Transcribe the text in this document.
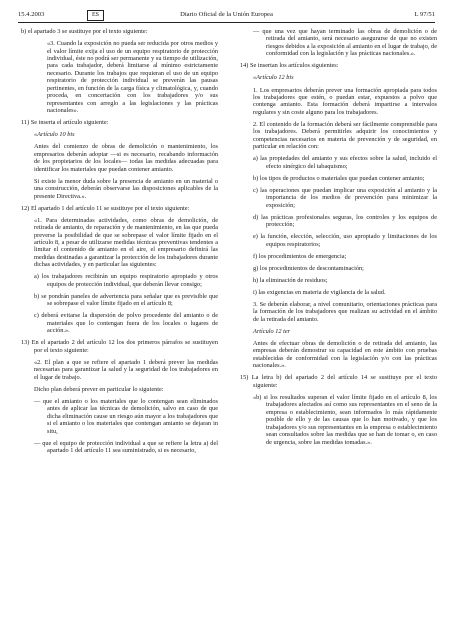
15.4.2003	ES	Diario Oficial de la Unión Europea	L 97/51

b) el apartado 3 se sustituye por el texto siguiente:

«3. Cuando la exposición no pueda ser reducida por otros medios y el valor límite exija el uso de un equipo respiratorio de protección individual, éste no podrá ser permanente y su tiempo de utilización, para cada trabajador, deberá limitarse al mínimo estrictamente necesario. Durante los trabajos que requieran el uso de un equipo respiratorio de protección individual se preverán las pausas pertinentes, en función de la carga física y climatológica, y, cuando proceda, en concertación con los trabajadores y/o sus representantes con arreglo a las legislaciones y las prácticas nacionales».

11) Se inserta el artículo siguiente:

«Artículo 10 bis

Antes del comienzo de obras de demolición o mantenimiento, los empresarios deberán adoptar —si es necesario, recabando información de los propietarios de los locales— todas las medidas adecuadas para identificar los materiales que puedan contener amianto.

Si existe la menor duda sobre la presencia de amianto en un material o una construcción, deberán observarse las disposiciones aplicables de la presente Directiva.».

12) El apartado 1 del artículo 11 se sustituye por el texto siguiente:

«1. Para determinadas actividades, como obras de demolición, de retirada de amianto, de reparación y de mantenimiento, en las que pueda preverse la posibilidad de que se sobrepase el valor límite fijado en el artículo 8, a pesar de utilizarse medidas técnicas preventivas tendentes a limitar el contenido de amianto en el aire, el empresario definirá las medidas destinadas a garantizar la protección de los trabajadores durante dichas actividades, y en particular las siguientes:

a) los trabajadores recibirán un equipo respiratorio apropiado y otros equipos de protección individual, que deberán llevar consigo;

b) se pondrán paneles de advertencia para señalar que es previsible que se sobrepase el valor límite fijado en el artículo 8;

c) deberá evitarse la dispersión de polvo procedente del amianto o de materiales que lo contengan fuera de los locales o lugares de acción.».

13) En el apartado 2 del artículo 12 los dos primeros párrafos se sustituyen por el texto siguiente:

«2. El plan a que se refiere el apartado 1 deberá prever las medidas necesarias para garantizar la salud y la seguridad de los trabajadores en el lugar de trabajo.

Dicho plan deberá prever en particular lo siguiente:

— que el amianto o los materiales que lo contengan sean eliminados antes de aplicar las técnicas de demolición, salvo en caso de que dicha eliminación cause un riesgo aún mayor a los trabajadores que si el amianto o los materiales que contengan amianto se dejaran in situ,

— que el equipo de protección individual a que se refiere la letra a) del apartado 1 del artículo 11 sea suministrado, si es necesario,

— que una vez que hayan terminado las obras de demolición o de retirada del amianto, será necesario asegurarse de que no existen riesgos debidos a la exposición al amianto en el lugar de trabajo, de conformidad con la legislación y las prácticas nacionales.».

14) Se insertan los artículos siguientes:

«Artículo 12 bis

1. Los empresarios deberán prever una formación apropiada para todos los trabajadores que estén, o puedan estar, expuestos a polvo que contenga amianto. Esta formación deberá impartirse a intervalos regulares y sin coste alguno para los trabajadores.

2. El contenido de la formación deberá ser fácilmente comprensible para los trabajadores. Deberá permitirles adquirir los conocimientos y competencias necesarios en materia de prevención y de seguridad, en particular en relación con:

a) las propiedades del amianto y sus efectos sobre la salud, incluido el efecto sinérgico del tabaquismo;

b) los tipos de productos o materiales que puedan contener amianto;

c) las operaciones que puedan implicar una exposición al amianto y la importancia de los medios de prevención para minimizar la exposición;

d) las prácticas profesionales seguras, los controles y los equipos de protección;

e) la función, elección, selección, uso apropiado y limitaciones de los equipos respiratorios;

f) los procedimientos de emergencia;

g) los procedimientos de descontaminación;

h) la eliminación de residuos;

i) las exigencias en materia de vigilancia de la salud.

3. Se deberán elaborar, a nivel comunitario, orientaciones prácticas para la formación de los trabajadores que realizan su actividad en el ámbito de la retirada del amianto.

Artículo 12 ter

Antes de efectuar obras de demolición o de retirada del amianto, las empresas deberán demostrar su capacidad en este ámbito con pruebas establecidas de conformidad con la legislación y/o con las prácticas nacionales.».

15) La letra b) del apartado 2 del artículo 14 se sustituye por el texto siguiente:

«b) si los resultados superan el valor límite fijado en el artículo 8, los trabajadores afectados así como sus representantes en el seno de la empresa o establecimiento, sean informados lo más rápidamente posible de ello y de las causas que lo han motivado, y que los trabajadores y/o sus representantes en la empresa o establecimiento sean consultados sobre las medidas que se han de tomar o, en caso de urgencia, sobre las medidas tomadas.».
